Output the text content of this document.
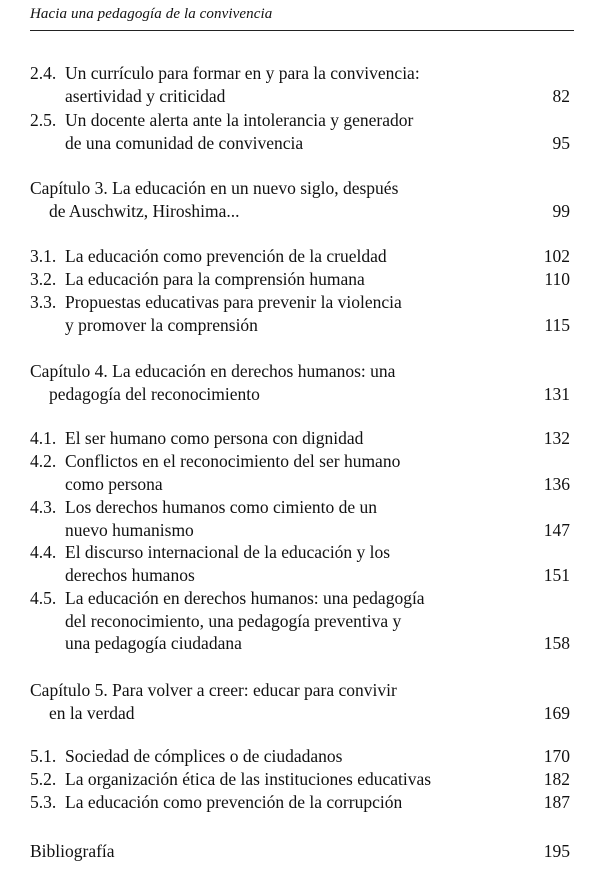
Hacia una pedagogía de la convivencia
2.4. Un currículo para formar en y para la convivencia:
asertividad y criticidad	82
2.5. Un docente alerta ante la intolerancia y generador
de una comunidad de convivencia	95
Capítulo 3. La educación en un nuevo siglo, después
de Auschwitz, Hiroshima...	99
3.1. La educación como prevención de la crueldad	102
3.2. La educación para la comprensión humana	110
3.3. Propuestas educativas para prevenir la violencia
y promover la comprensión	115
Capítulo 4. La educación en derechos humanos: una
pedagogía del reconocimiento	131
4.1. El ser humano como persona con dignidad	132
4.2. Conflictos en el reconocimiento del ser humano
como persona	136
4.3. Los derechos humanos como cimiento de un
nuevo humanismo	147
4.4. El discurso internacional de la educación y los
derechos humanos	151
4.5. La educación en derechos humanos: una pedagogía
del reconocimiento, una pedagogía preventiva y
una pedagogía ciudadana	158
Capítulo 5. Para volver a creer: educar para convivir
en la verdad	169
5.1. Sociedad de cómplices o de ciudadanos	170
5.2. La organización ética de las instituciones educativas	182
5.3. La educación como prevención de la corrupción	187
Bibliografía	195
